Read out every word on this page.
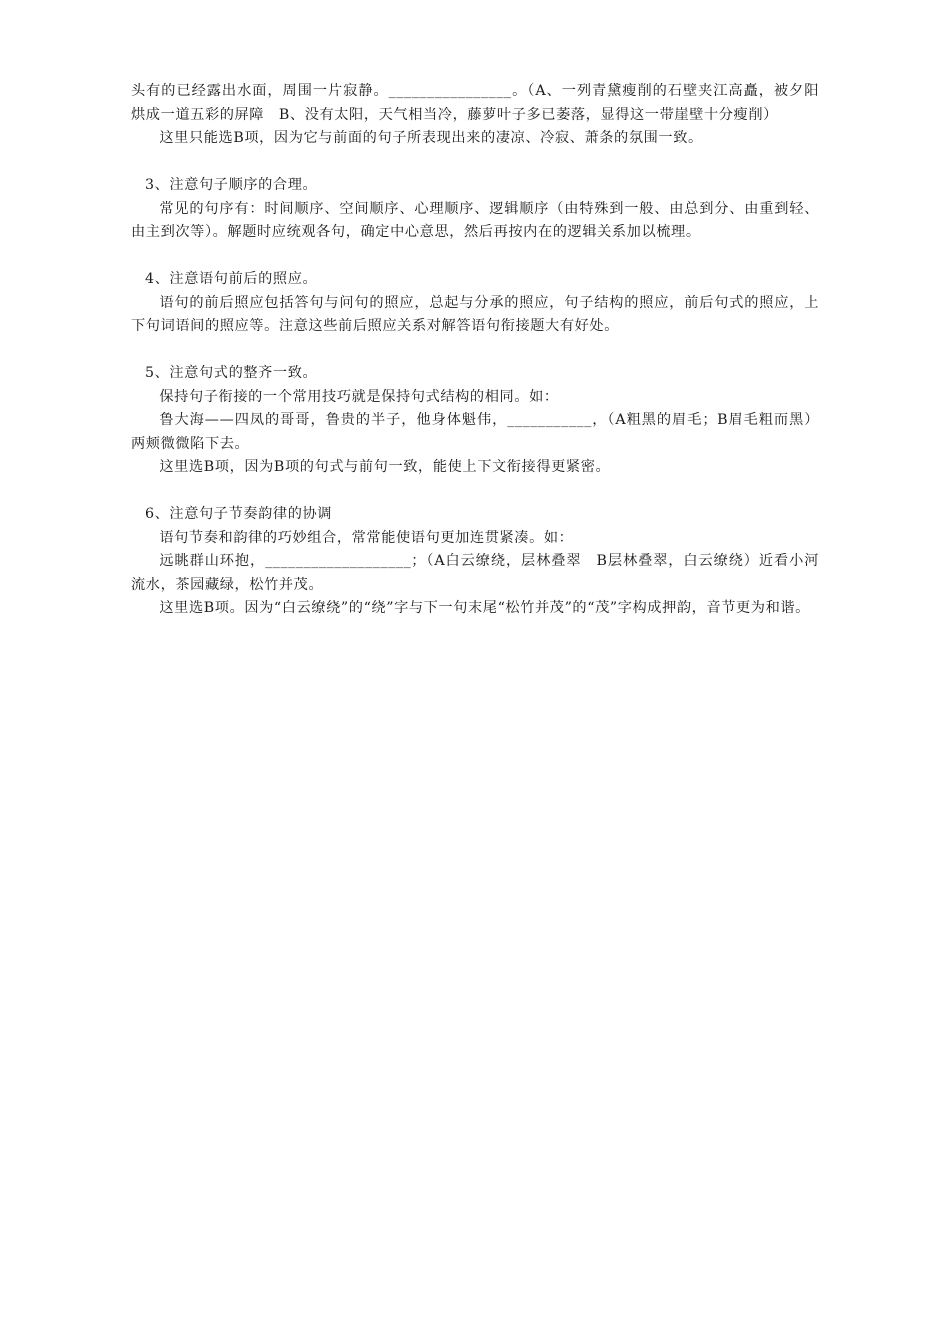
头有的已经露出水面，周围一片寂静。________________。（A、一列青黛瘦削的石壁夹江高矗，被夕阳烘成一道五彩的屏障　B、没有太阳，天气相当冷，藤萝叶子多已萎落，显得这一带崖壁十分瘦削）

这里只能选B项，因为它与前面的句子所表现出来的凄凉、冷寂、萧条的氛围一致。

3、注意句子顺序的合理。

常见的句序有：时间顺序、空间顺序、心理顺序、逻辑顺序（由特殊到一般、由总到分、由重到轻、由主到次等）。解题时应统观各句，确定中心意思，然后再按内在的逻辑关系加以梳理。

4、注意语句前后的照应。

语句的前后照应包括答句与问句的照应，总起与分承的照应，句子结构的照应，前后句式的照应，上下句词语间的照应等。注意这些前后照应关系对解答语句衔接题大有好处。

5、注意句式的整齐一致。

保持句子衔接的一个常用技巧就是保持句式结构的相同。如：

鲁大海——四凤的哥哥，鲁贵的半子，他身体魁伟，___________，（A粗黑的眉毛；B眉毛粗而黑）两颊微微陷下去。

这里选B项，因为B项的句式与前句一致，能使上下文衔接得更紧密。

6、注意句子节奏韵律的协调

语句节奏和韵律的巧妙组合，常常能使语句更加连贯紧凑。如：

远眺群山环抱，___________________；（A白云缭绕，层林叠翠　B层林叠翠，白云缭绕）近看小河流水，茶园藏绿，松竹并茂。

这里选B项。因为“白云缭绕”的“绕”字与下一句末尾“松竹并茂”的“茂”字构成押韵，音节更为和谐。
